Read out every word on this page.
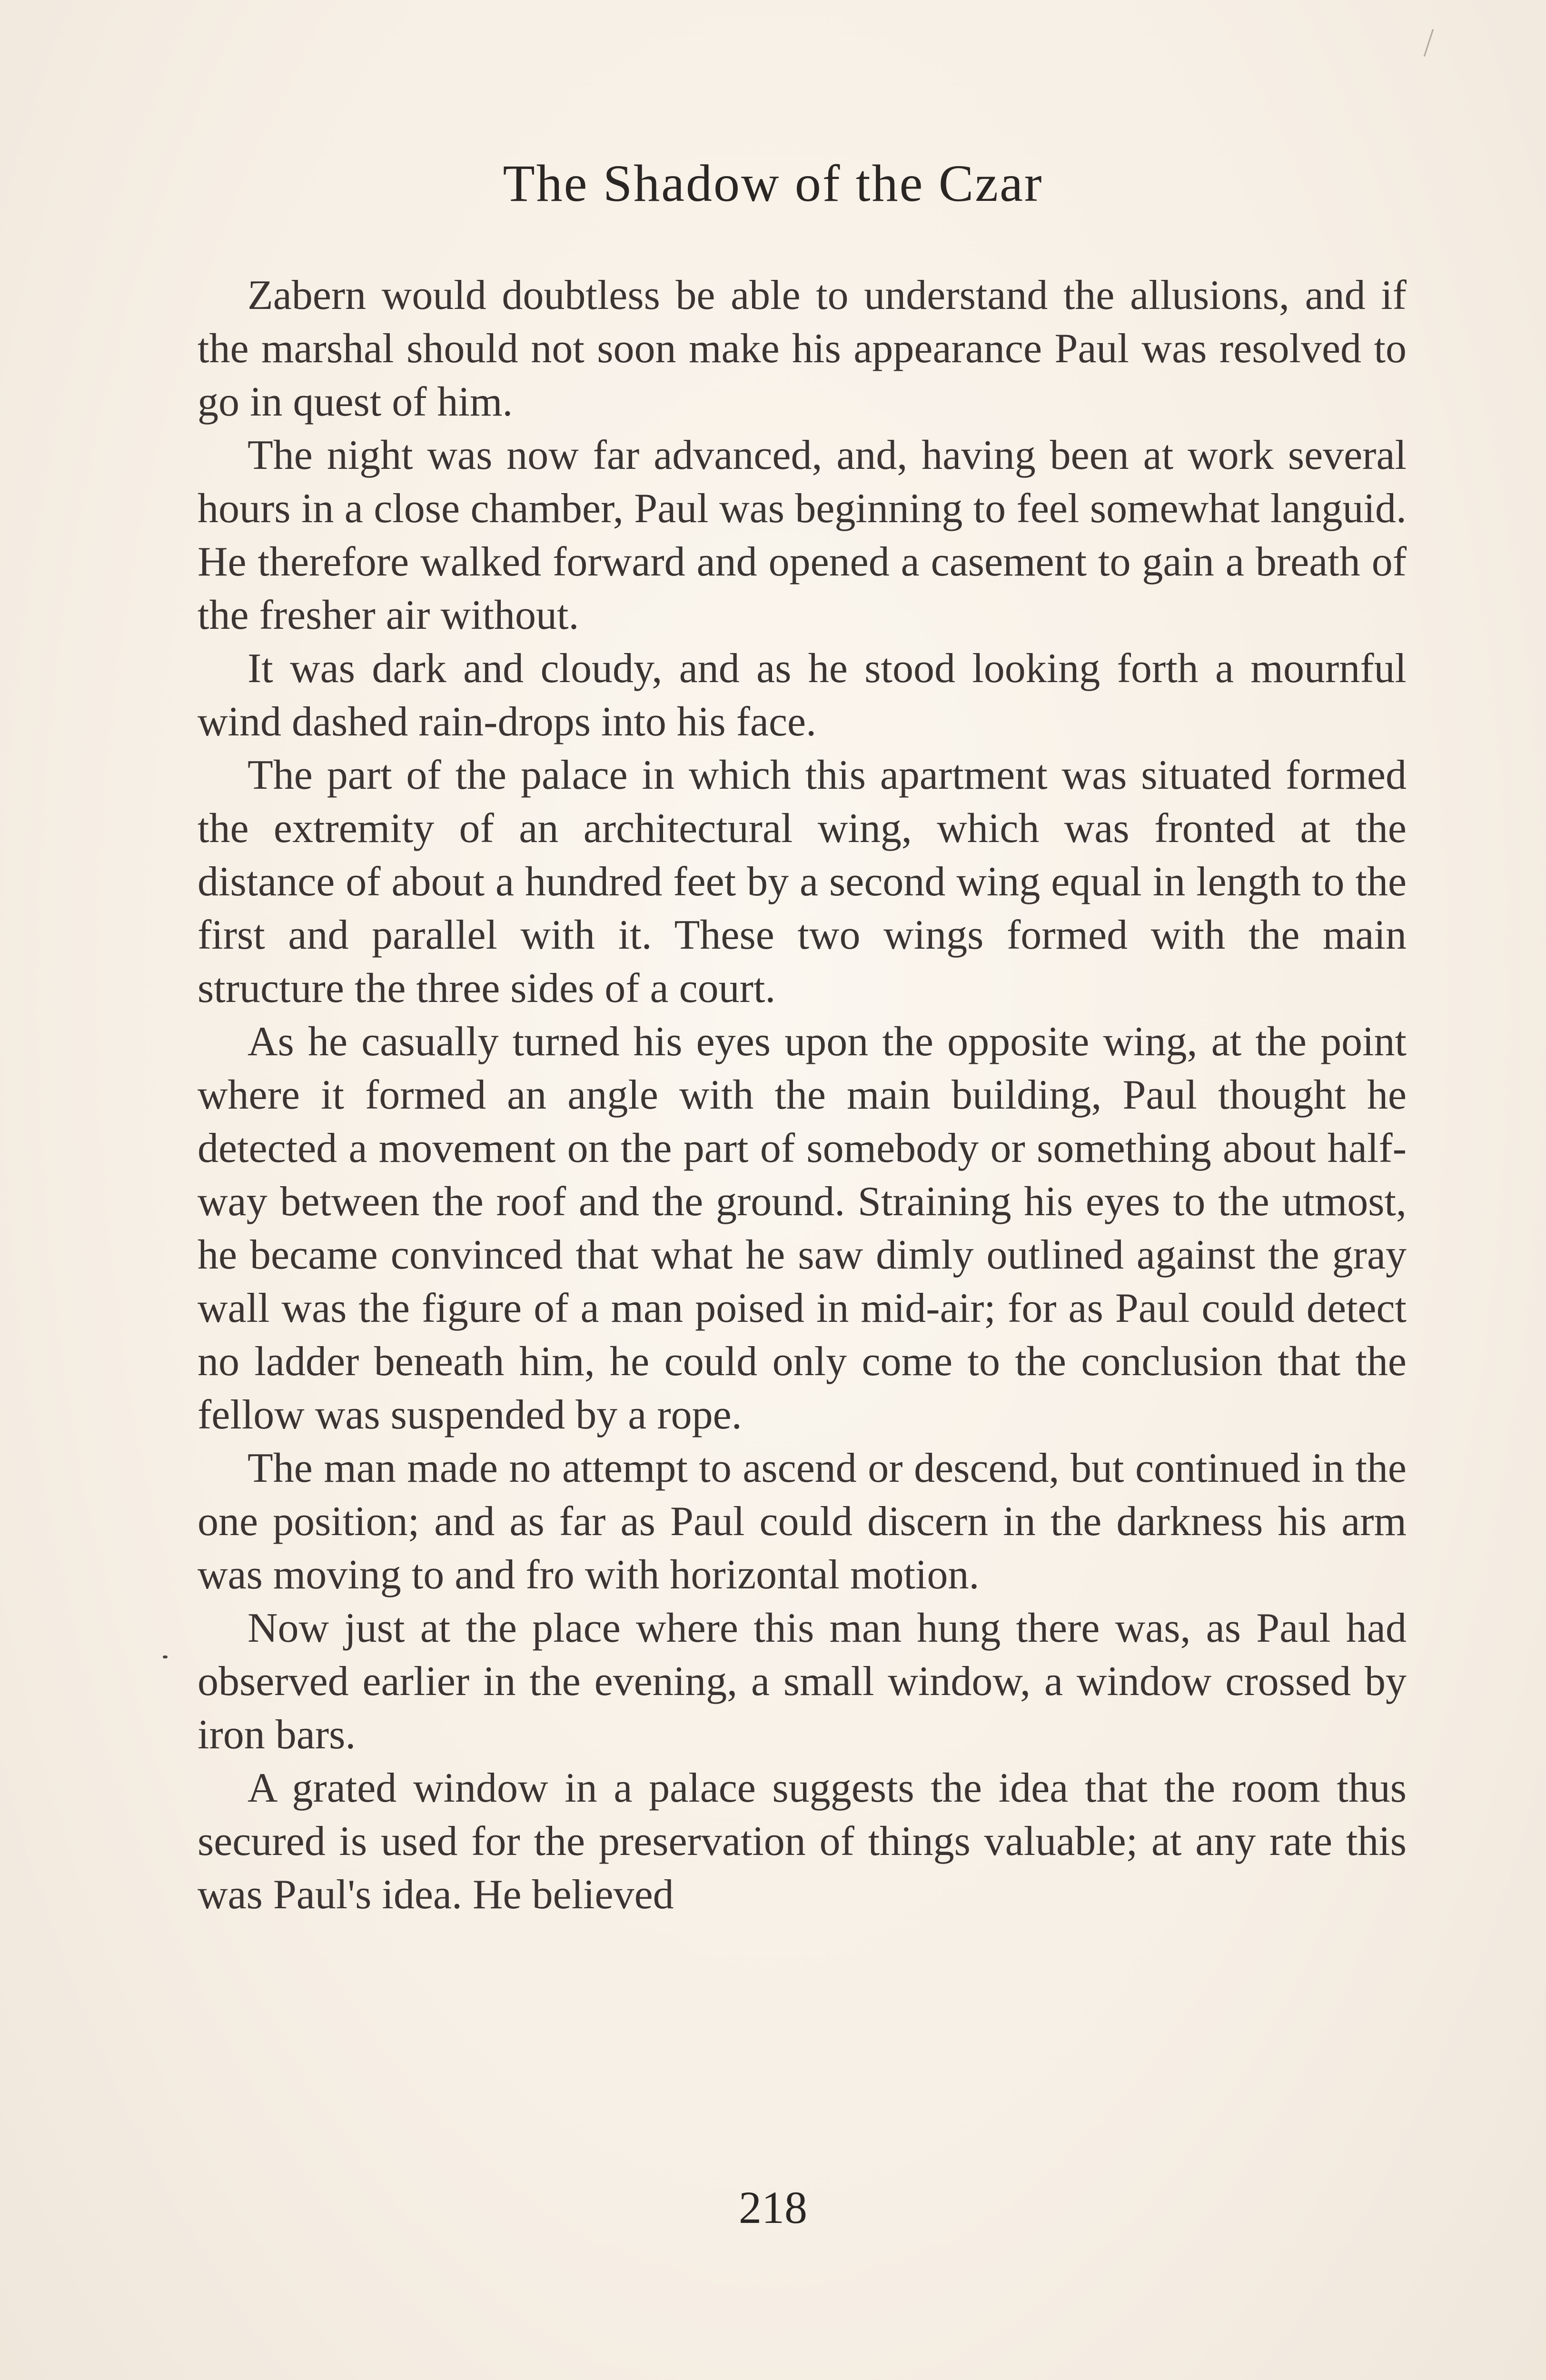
The Shadow of the Czar

Zabern would doubtless be able to understand the allusions, and if the marshal should not soon make his appearance Paul was resolved to go in quest of him.

The night was now far advanced, and, having been at work several hours in a close chamber, Paul was beginning to feel somewhat languid. He therefore walked forward and opened a casement to gain a breath of the fresher air without.

It was dark and cloudy, and as he stood looking forth a mournful wind dashed rain-drops into his face.

The part of the palace in which this apartment was situated formed the extremity of an architectural wing, which was fronted at the distance of about a hundred feet by a second wing equal in length to the first and parallel with it. These two wings formed with the main structure the three sides of a court.

As he casually turned his eyes upon the opposite wing, at the point where it formed an angle with the main building, Paul thought he detected a movement on the part of somebody or something about half-way between the roof and the ground. Straining his eyes to the utmost, he became convinced that what he saw dimly outlined against the gray wall was the figure of a man poised in mid-air; for as Paul could detect no ladder beneath him, he could only come to the conclusion that the fellow was suspended by a rope.

The man made no attempt to ascend or descend, but continued in the one position; and as far as Paul could discern in the darkness his arm was moving to and fro with horizontal motion.

Now just at the place where this man hung there was, as Paul had observed earlier in the evening, a small window, a window crossed by iron bars.

A grated window in a palace suggests the idea that the room thus secured is used for the preservation of things valuable; at any rate this was Paul's idea. He believed

218
